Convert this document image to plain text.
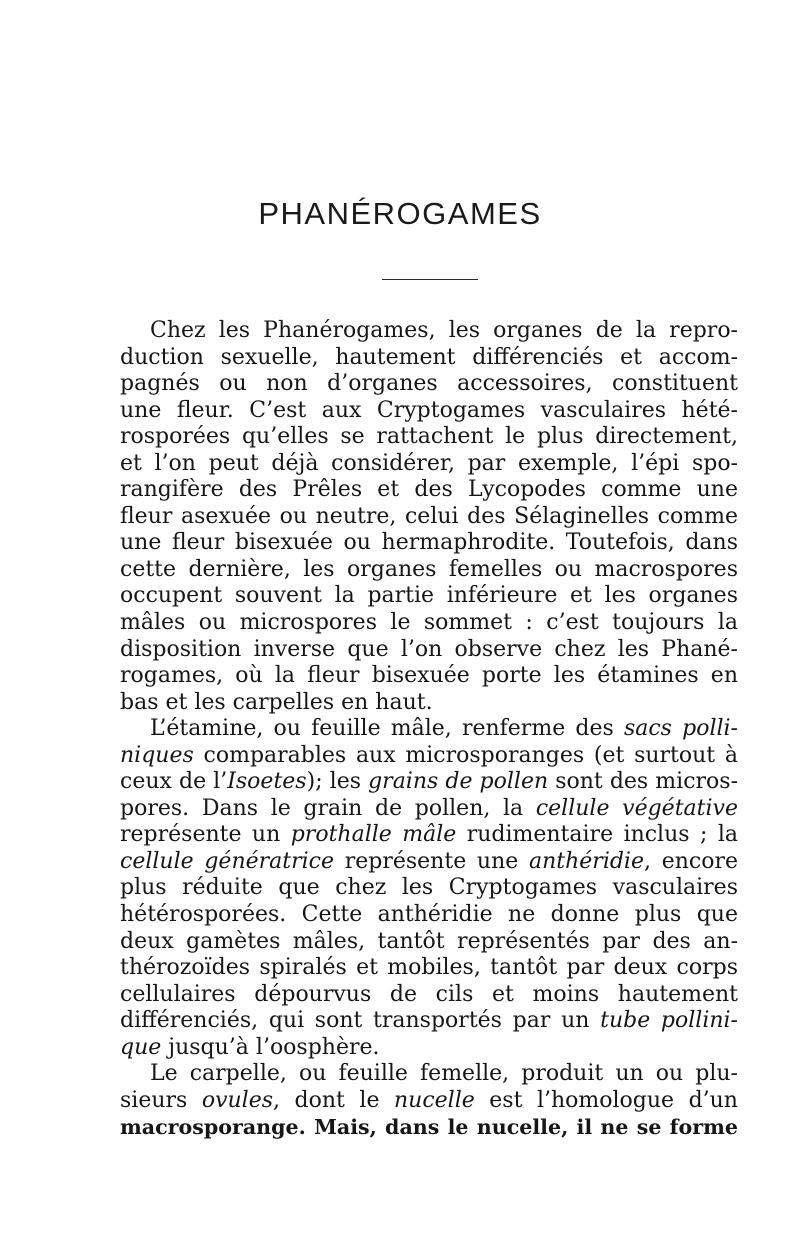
PHANÉROGAMES
Chez les Phanérogames, les organes de la repro-
duction sexuelle, hautement différenciés et accom-
pagnés ou non d’organes accessoires, constituent
une fleur. C’est aux Cryptogames vasculaires hété-
rosporées qu’elles se rattachent le plus directement,
et l’on peut déjà considérer, par exemple, l’épi spo-
rangifère des Prêles et des Lycopodes comme une
fleur asexuée ou neutre, celui des Sélaginelles comme
une fleur bisexuée ou hermaphrodite. Toutefois, dans
cette dernière, les organes femelles ou macrospores
occupent souvent la partie inférieure et les organes
mâles ou microspores le sommet : c’est toujours la
disposition inverse que l’on observe chez les Phané-
rogames, où la fleur bisexuée porte les étamines en
bas et les carpelles en haut.
L’étamine, ou feuille mâle, renferme des sacs polli-
niques comparables aux microsporanges (et surtout à
ceux de l’Isoetes); les grains de pollen sont des micros-
pores. Dans le grain de pollen, la cellule végétative
représente un prothalle mâle rudimentaire inclus ; la
cellule génératrice représente une anthéridie, encore
plus réduite que chez les Cryptogames vasculaires
hétérosporées. Cette anthéridie ne donne plus que
deux gamètes mâles, tantôt représentés par des an-
thérozoïdes spiralés et mobiles, tantôt par deux corps
cellulaires dépourvus de cils et moins hautement
différenciés, qui sont transportés par un tube pollini-
que jusqu’à l’oosphère.
Le carpelle, ou feuille femelle, produit un ou plu-
sieurs ovules, dont le nucelle est l’homologue d’un
macrosporange. Mais, dans le nucelle, il ne se forme
